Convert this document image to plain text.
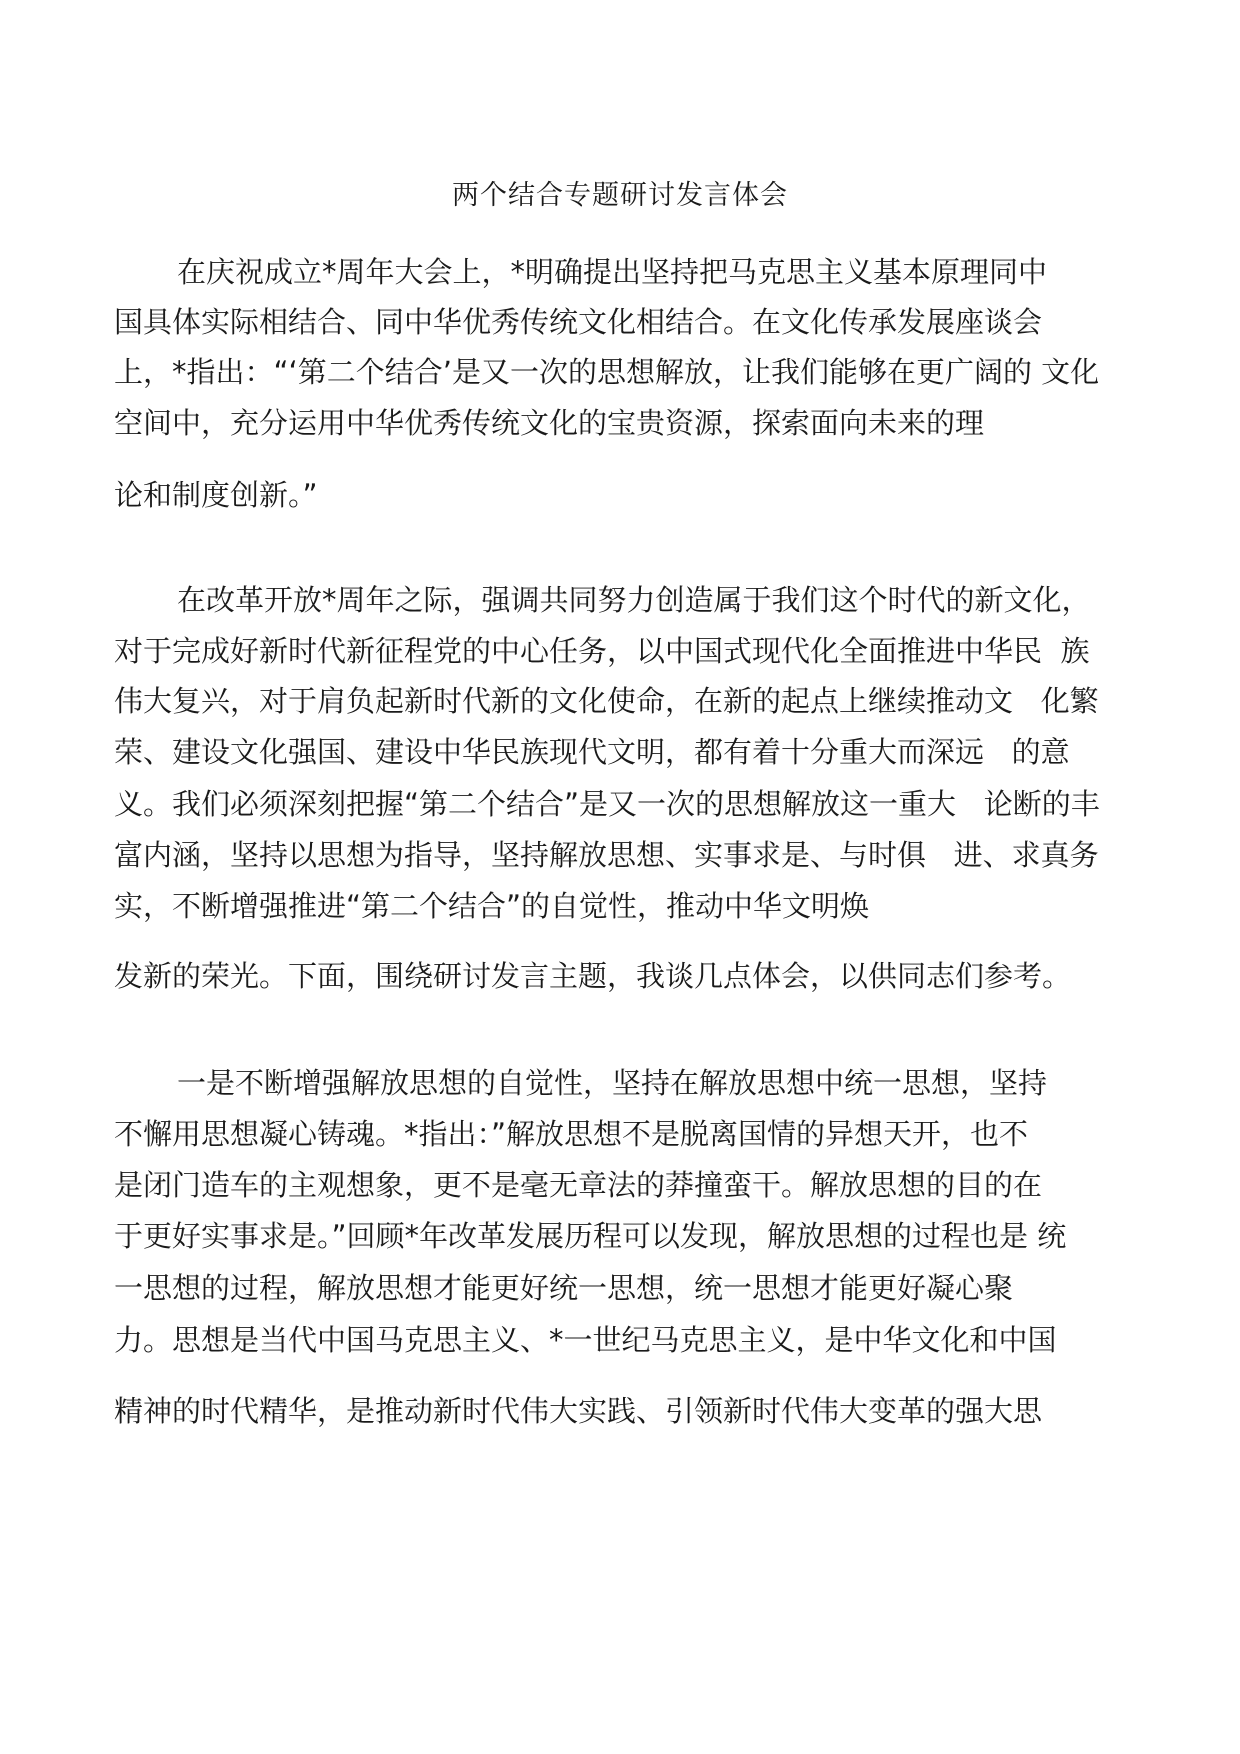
两个结合专题研讨发言体会
在庆祝成立*周年大会上，*明确提出坚持把马克思主义基本原理同中
国具体实际相结合、同中华优秀传统文化相结合。在文化传承发展座谈会
上，*指出：“‘第二个结合’是又一次的思想解放，让我们能够在更广阔的 文化
空间中，充分运用中华优秀传统文化的宝贵资源，探索面向未来的理
论和制度创新。”
在改革开放*周年之际，强调共同努力创造属于我们这个时代的新文化，
对于完成好新时代新征程党的中心任务，以中国式现代化全面推进中华民  族
伟大复兴，对于肩负起新时代新的文化使命，在新的起点上继续推动文   化繁
荣、建设文化强国、建设中华民族现代文明，都有着十分重大而深远   的意
义。我们必须深刻把握“第二个结合”是又一次的思想解放这一重大   论断的丰
富内涵，坚持以思想为指导，坚持解放思想、实事求是、与时俱   进、求真务
实，不断增强推进“第二个结合”的自觉性，推动中华文明焕
发新的荣光。下面，围绕研讨发言主题，我谈几点体会，以供同志们参考。
一是不断增强解放思想的自觉性，坚持在解放思想中统一思想，坚持
不懈用思想凝心铸魂。*指出：”解放思想不是脱离国情的异想天开，也不
是闭门造车的主观想象，更不是毫无章法的莽撞蛮干。解放思想的目的在
于更好实事求是。”回顾*年改革发展历程可以发现，解放思想的过程也是 统
一思想的过程，解放思想才能更好统一思想，统一思想才能更好凝心聚
力。思想是当代中国马克思主义、*一世纪马克思主义，是中华文化和中国
精神的时代精华，是推动新时代伟大实践、引领新时代伟大变革的强大思
